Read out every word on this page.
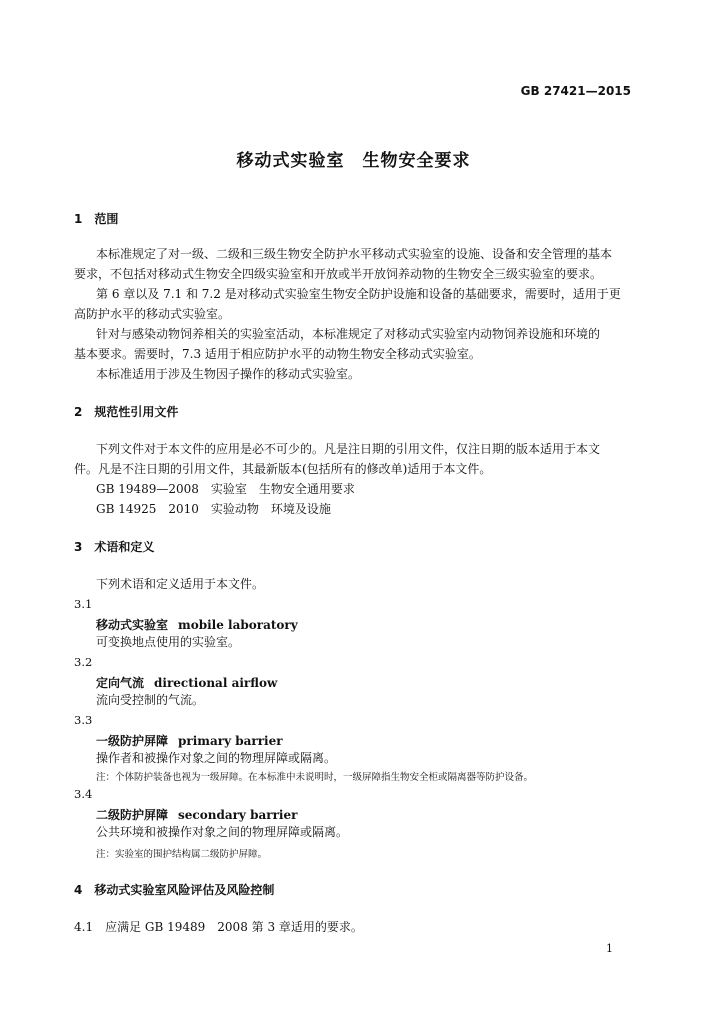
GB 27421—2015
移动式实验室　生物安全要求
1　范围
本标准规定了对一级、二级和三级生物安全防护水平移动式实验室的设施、设备和安全管理的基本
要求，不包括对移动式生物安全四级实验室和开放或半开放饲养动物的生物安全三级实验室的要求。
第 6 章以及 7.1 和 7.2 是对移动式实验室生物安全防护设施和设备的基础要求，需要时，适用于更
高防护水平的移动式实验室。
针对与感染动物饲养相关的实验室活动，本标准规定了对移动式实验室内动物饲养设施和环境的
基本要求。需要时，7.3 适用于相应防护水平的动物生物安全移动式实验室。
本标准适用于涉及生物因子操作的移动式实验室。
2　规范性引用文件
下列文件对于本文件的应用是必不可少的。凡是注日期的引用文件，仅注日期的版本适用于本文
件。凡是不注日期的引用文件，其最新版本(包括所有的修改单)适用于本文件。
GB 19489—2008　实验室　生物安全通用要求
GB 14925　2010　实验动物　环境及设施
3　术语和定义
下列术语和定义适用于本文件。
3.1
移动式实验室 mobile laboratory
可变换地点使用的实验室。
3.2
定向气流 directional airflow
流向受控制的气流。
3.3
一级防护屏障 primary barrier
操作者和被操作对象之间的物理屏障或隔离。
注：个体防护装备也视为一级屏障。在本标准中未说明时，一级屏障指生物安全柜或隔离器等防护设备。
3.4
二级防护屏障 secondary barrier
公共环境和被操作对象之间的物理屏障或隔离。
注：实验室的围护结构属二级防护屏障。
4　移动式实验室风险评估及风险控制
4.1　应满足 GB 19489　2008 第 3 章适用的要求。
1
